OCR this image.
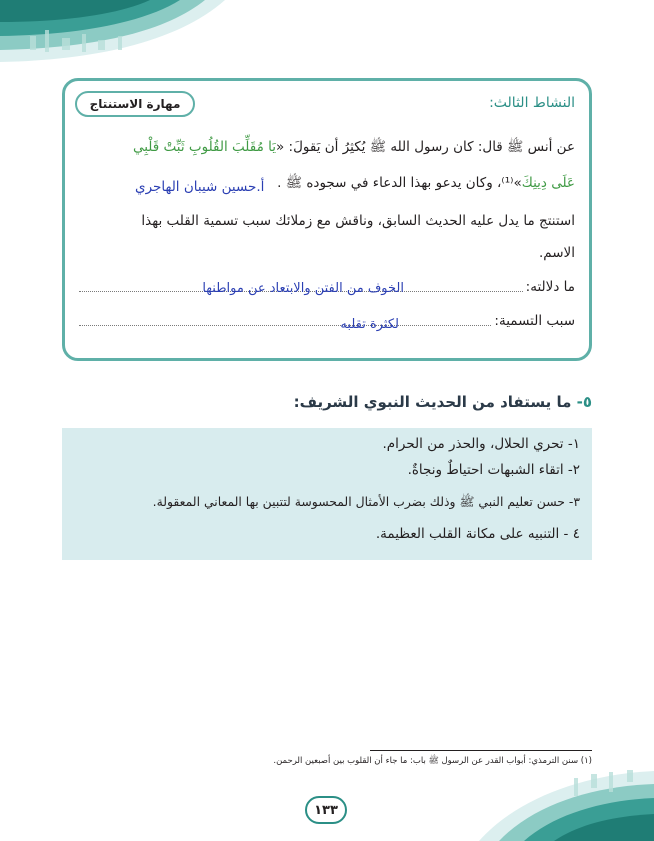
النشاط الثالث:
مهارة الاستنتاج
عن أنس ﷺ قال: كان رسول الله ﷺ يُكثِرُ أن يَقولَ: «يَا مُقَلِّبَ القُلُوبِ ثَبِّتْ قَلْبِي
عَلَى دِينِكَ»⁽¹⁾، وكان يدعو بهذا الدعاء في سجوده ﷺ .
أ.حسين شيبان الهاجري
استنتج ما يدل عليه الحديث السابق، وناقش مع زملائك سبب تسمية القلب بهذا
الاسم.
ما دلالته:
الخوف من الفتن والابتعاد عن مواطنها
سبب التسمية:
لكثرة تقلبه
٥- ما يستفاد من الحديث النبوي الشريف:
١- تحري الحلال، والحذر من الحرام.
٢- اتقاء الشبهات احتياطٌ ونجاةٌ.
٣- حسن تعليم النبي ﷺ وذلك بضرب الأمثال المحسوسة لتتبين بها المعاني المعقولة.
٤ - التنبيه على مكانة القلب العظيمة.
(١) سنن الترمذي: أبواب القدر عن الرسول ﷺ باب: ما جاء أن القلوب بين أصبعين الرحمن.
١٣٣
